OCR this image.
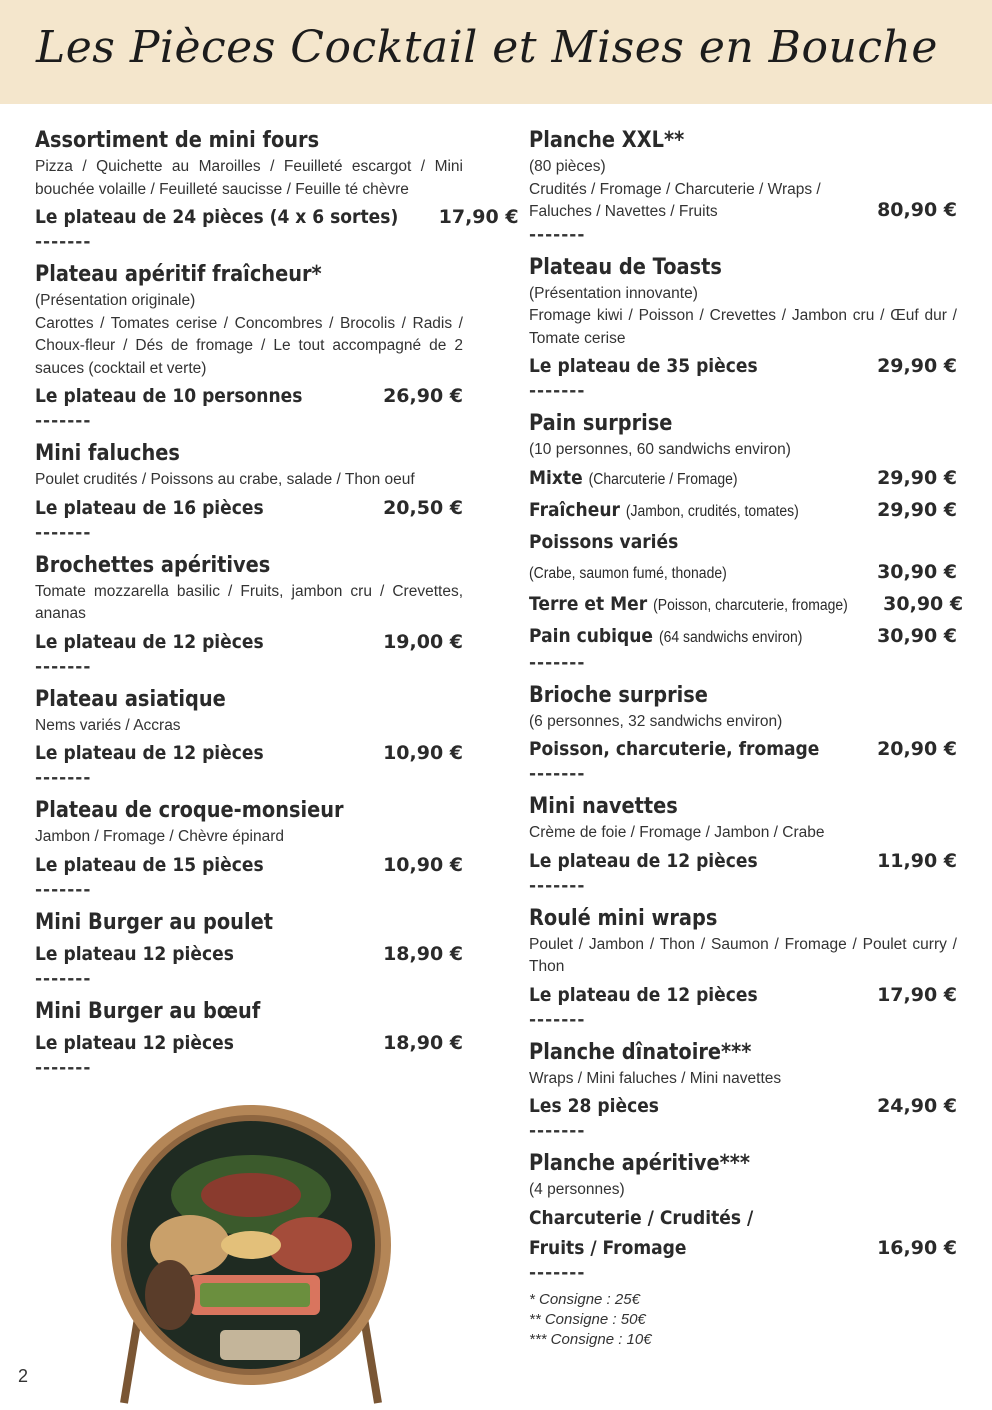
Les Pièces Cocktail et Mises en Bouche
Assortiment de mini fours
Pizza / Quichette au Maroilles / Feuilleté escargot / Mini bouchée volaille / Feuilleté saucisse / Feuille té chèvre
Le plateau de 24 pièces (4 x 6 sortes) 17,90 €
-------
Plateau apéritif fraîcheur*
(Présentation originale)
Carottes / Tomates cerise / Concombres / Brocolis / Radis / Choux-fleur / Dés de fromage / Le tout accompagné de 2 sauces (cocktail et verte)
Le plateau de 10 personnes	26,90 €
-------
Mini faluches
Poulet crudités / Poissons au crabe, salade / Thon oeuf
Le plateau de 16 pièces	20,50 €
-------
Brochettes apéritives
Tomate mozzarella basilic / Fruits, jambon cru / Crevettes, ananas
Le plateau de 12 pièces	19,00 €
-------
Plateau asiatique
Nems variés / Accras
Le plateau de 12 pièces	10,90 €
-------
Plateau de croque-monsieur
Jambon / Fromage / Chèvre épinard
Le plateau de 15 pièces	10,90 €
-------
Mini Burger au poulet
Le plateau 12 pièces	18,90 €
-------
Mini Burger au bœuf
Le plateau 12 pièces	18,90 €
-------
Planche XXL**
(80 pièces)
Crudités / Fromage / Charcuterie / Wraps / Faluches / Navettes / Fruits	80,90 €
-------
Plateau de Toasts
(Présentation innovante)
Fromage kiwi / Poisson / Crevettes / Jambon cru / Œuf dur / Tomate cerise
Le plateau de 35 pièces	29,90 €
-------
Pain surprise
(10 personnes, 60 sandwichs environ)
Mixte (Charcuterie / Fromage)	29,90 €
Fraîcheur (Jambon, crudités, tomates)	29,90 €
Poissons variés
(Crabe, saumon fumé, thonade)	30,90 €
Terre et Mer (Poisson, charcuterie, fromage) 30,90 €
Pain cubique (64 sandwichs environ)	30,90 €
-------
Brioche surprise
(6 personnes, 32 sandwichs environ)
Poisson, charcuterie, fromage	20,90 €
-------
Mini navettes
Crème de foie / Fromage / Jambon / Crabe
Le plateau de 12 pièces	11,90 €
-------
Roulé mini wraps
Poulet / Jambon / Thon / Saumon / Fromage / Poulet curry / Thon
Le plateau de 12 pièces	17,90 €
-------
Planche dînatoire***
Wraps / Mini faluches / Mini navettes
Les 28 pièces	24,90 €
-------
Planche apéritive***
(4 personnes)
Charcuterie / Crudités /
Fruits / Fromage	16,90 €
-------
* Consigne : 25€
** Consigne : 50€
*** Consigne : 10€
2
